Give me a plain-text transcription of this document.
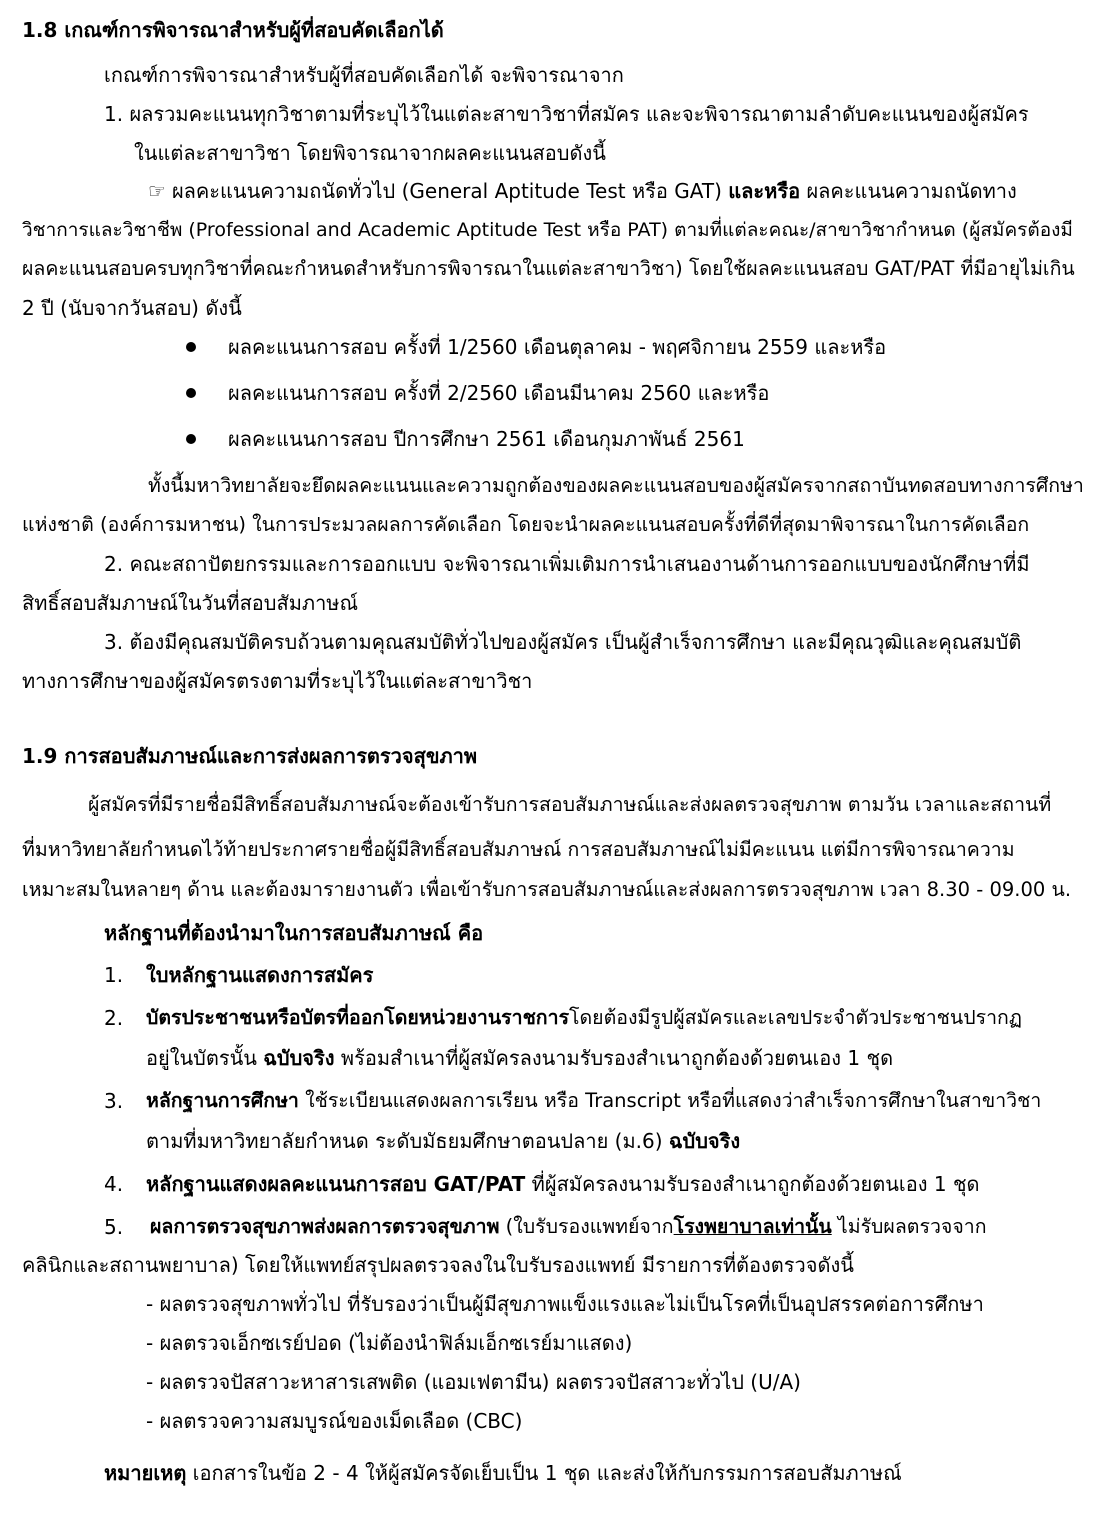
1.8 เกณฑ์การพิจารณาสำหรับผู้ที่สอบคัดเลือกได้
เกณฑ์การพิจารณาสำหรับผู้ที่สอบคัดเลือกได้ จะพิจารณาจาก
1. ผลรวมคะแนนทุกวิชาตามที่ระบุไว้ในแต่ละสาขาวิชาที่สมัคร และจะพิจารณาตามลำดับคะแนนของผู้สมัคร
ในแต่ละสาขาวิชา โดยพิจารณาจากผลคะแนนสอบดังนี้
☞ ผลคะแนนความถนัดทั่วไป (General Aptitude Test หรือ GAT) และหรือ ผลคะแนนความถนัดทาง
วิชาการและวิชาชีพ (Professional and Academic Aptitude Test หรือ PAT) ตามที่แต่ละคณะ/สาขาวิชากำหนด (ผู้สมัครต้องมี
ผลคะแนนสอบครบทุกวิชาที่คณะกำหนดสำหรับการพิจารณาในแต่ละสาขาวิชา) โดยใช้ผลคะแนนสอบ GAT/PAT ที่มีอายุไม่เกิน
2 ปี (นับจากวันสอบ) ดังนี้
ผลคะแนนการสอบ ครั้งที่ 1/2560 เดือนตุลาคม - พฤศจิกายน 2559 และหรือ
ผลคะแนนการสอบ ครั้งที่ 2/2560 เดือนมีนาคม 2560 และหรือ
ผลคะแนนการสอบ ปีการศึกษา 2561 เดือนกุมภาพันธ์ 2561
ทั้งนี้มหาวิทยาลัยจะยึดผลคะแนนและความถูกต้องของผลคะแนนสอบของผู้สมัครจากสถาบันทดสอบทางการศึกษา
แห่งชาติ (องค์การมหาชน) ในการประมวลผลการคัดเลือก โดยจะนำผลคะแนนสอบครั้งที่ดีที่สุดมาพิจารณาในการคัดเลือก
2. คณะสถาปัตยกรรมและการออกแบบ จะพิจารณาเพิ่มเติมการนำเสนองานด้านการออกแบบของนักศึกษาที่มี
สิทธิ์สอบสัมภาษณ์ในวันที่สอบสัมภาษณ์
3. ต้องมีคุณสมบัติครบถ้วนตามคุณสมบัติทั่วไปของผู้สมัคร เป็นผู้สำเร็จการศึกษา และมีคุณวุฒิและคุณสมบัติ
ทางการศึกษาของผู้สมัครตรงตามที่ระบุไว้ในแต่ละสาขาวิชา
1.9 การสอบสัมภาษณ์และการส่งผลการตรวจสุขภาพ
ผู้สมัครที่มีรายชื่อมีสิทธิ์สอบสัมภาษณ์จะต้องเข้ารับการสอบสัมภาษณ์และส่งผลตรวจสุขภาพ ตามวัน เวลาและสถานที่
ที่มหาวิทยาลัยกำหนดไว้ท้ายประกาศรายชื่อผู้มีสิทธิ์สอบสัมภาษณ์ การสอบสัมภาษณ์ไม่มีคะแนน แต่มีการพิจารณาความ
เหมาะสมในหลายๆ ด้าน และต้องมารายงานตัว เพื่อเข้ารับการสอบสัมภาษณ์และส่งผลการตรวจสุขภาพ เวลา 8.30 - 09.00 น.
หลักฐานที่ต้องนำมาในการสอบสัมภาษณ์ คือ
1. ใบหลักฐานแสดงการสมัคร
2. บัตรประชาชนหรือบัตรที่ออกโดยหน่วยงานราชการโดยต้องมีรูปผู้สมัครและเลขประจำตัวประชาชนปรากฏ
อยู่ในบัตรนั้น ฉบับจริง พร้อมสำเนาที่ผู้สมัครลงนามรับรองสำเนาถูกต้องด้วยตนเอง 1 ชุด
3. หลักฐานการศึกษา ใช้ระเบียนแสดงผลการเรียน หรือ Transcript หรือที่แสดงว่าสำเร็จการศึกษาในสาขาวิชา
ตามที่มหาวิทยาลัยกำหนด ระดับมัธยมศึกษาตอนปลาย (ม.6) ฉบับจริง
4. หลักฐานแสดงผลคะแนนการสอบ GAT/PAT ที่ผู้สมัครลงนามรับรองสำเนาถูกต้องด้วยตนเอง 1 ชุด
5. ผลการตรวจสุขภาพส่งผลการตรวจสุขภาพ (ใบรับรองแพทย์จากโรงพยาบาลเท่านั้น ไม่รับผลตรวจจาก
คลินิกและสถานพยาบาล) โดยให้แพทย์สรุปผลตรวจลงในใบรับรองแพทย์ มีรายการที่ต้องตรวจดังนี้
- ผลตรวจสุขภาพทั่วไป ที่รับรองว่าเป็นผู้มีสุขภาพแข็งแรงและไม่เป็นโรคที่เป็นอุปสรรคต่อการศึกษา
- ผลตรวจเอ็กซเรย์ปอด (ไม่ต้องนำฟิล์มเอ็กซเรย์มาแสดง)
- ผลตรวจปัสสาวะหาสารเสพติด (แอมเฟตามีน) ผลตรวจปัสสาวะทั่วไป (U/A)
- ผลตรวจความสมบูรณ์ของเม็ดเลือด (CBC)
หมายเหตุ เอกสารในข้อ 2 - 4 ให้ผู้สมัครจัดเย็บเป็น 1 ชุด และส่งให้กับกรรมการสอบสัมภาษณ์
